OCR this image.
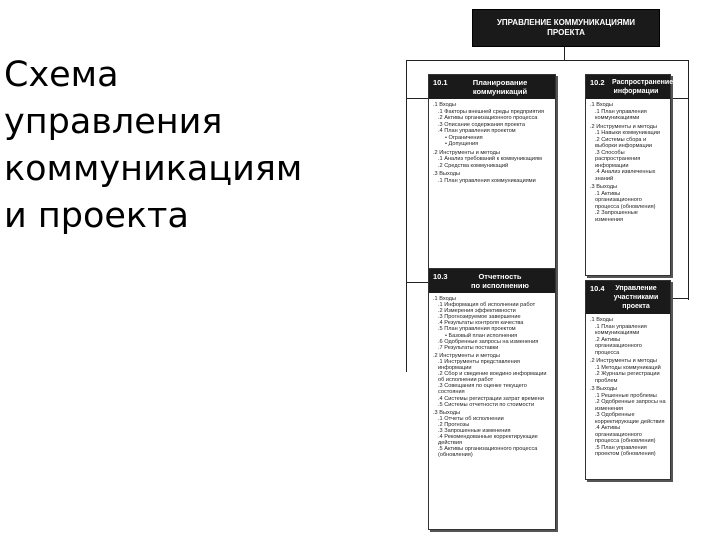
Схема
управления
коммуникациям
и проекта
УПРАВЛЕНИЕ КОММУНИКАЦИЯМИ
ПРОЕКТА
10.1	Планирование
коммуникаций
.1 Входы
.1 Факторы внешней среды предприятия
.2 Активы организационного процесса
.3 Описание содержания проекта
.4 План управления проектом
• Ограничения
• Допущения
.2 Инструменты и методы
.1 Анализ требований к коммуникациям
.2 Средства коммуникаций
.3 Выходы
.1 План управления коммуникациями
10.2 Распространение
информации
.1 Входы
.1 План управления коммуникациями
.2 Инструменты и методы
.1 Навыки коммуникации
.2 Системы сбора и выборки информации
.3 Способы распространения информации
.4 Анализ извлеченных знаний
.3 Выходы
.1 Активы организационного процесса (обновления)
.2 Запрошенные изменения
10.3	Отчетность
по исполнению
.1 Входы
.1 Информация об исполнении работ
.2 Измерения эффективности
.3 Прогнозируемое завершение
.4 Результаты контроля качества
.5 План управления проектом
• Базовый план исполнения
.6 Одобренные запросы на изменения
.7 Результаты поставки
.2 Инструменты и методы
.1 Инструменты представления информации
.2 Сбор и сведение воедино информации об исполнении работ
.3 Совещания по оценке текущего состояния
.4 Системы регистрации затрат времени
.5 Системы отчетности по стоимости
.3 Выходы
.1 Отчеты об исполнении
.2 Прогнозы
.3 Запрошенные изменения
.4 Рекомендованные корректирующие действия
.5 Активы организационного процесса (обновления)
10.4 Управление
участниками проекта
.1 Входы
.1 План управления коммуникациями
.2 Активы организационного процесса
.2 Инструменты и методы
.1 Методы коммуникаций
.2 Журналы регистрации проблем
.3 Выходы
.1 Решенные проблемы
.2 Одобренные запросы на изменения
.3 Одобренные корректирующие действия
.4 Активы организационного процесса (обновления)
.5 План управления проектом (обновления)
